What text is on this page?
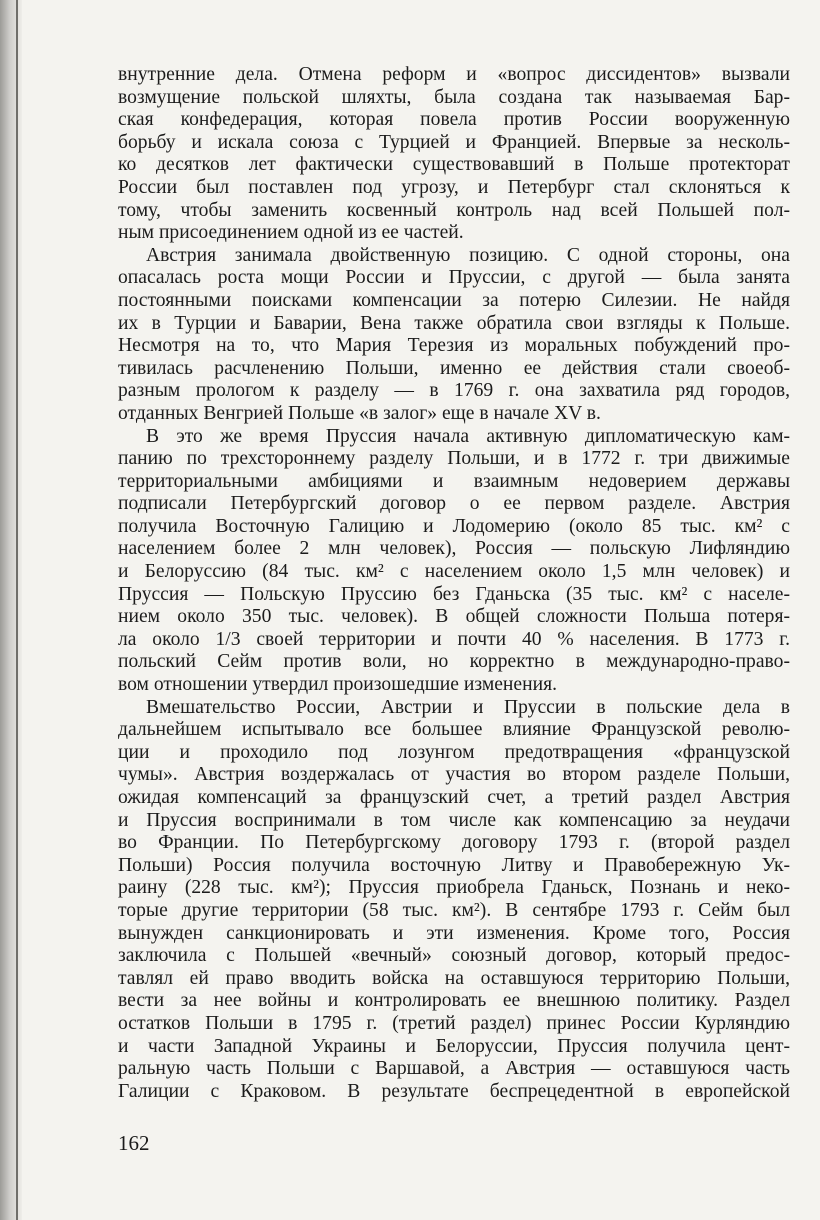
внутренние дела. Отмена реформ и «вопрос диссидентов» вызвали
возмущение польской шляхты, была создана так называемая Бар-
ская конфедерация, которая повела против России вооруженную
борьбу и искала союза с Турцией и Францией. Впервые за несколь-
ко десятков лет фактически существовавший в Польше протекторат
России был поставлен под угрозу, и Петербург стал склоняться к
тому, чтобы заменить косвенный контроль над всей Польшей пол-
ным присоединением одной из ее частей.
Австрия занимала двойственную позицию. С одной стороны, она
опасалась роста мощи России и Пруссии, с другой — была занята
постоянными поисками компенсации за потерю Силезии. Не найдя
их в Турции и Баварии, Вена также обратила свои взгляды к Польше.
Несмотря на то, что Мария Терезия из моральных побуждений про-
тивилась расчленению Польши, именно ее действия стали своеоб-
разным прологом к разделу — в 1769 г. она захватила ряд городов,
отданных Венгрией Польше «в залог» еще в начале XV в.
В это же время Пруссия начала активную дипломатическую кам-
панию по трехстороннему разделу Польши, и в 1772 г. три движимые
территориальными амбициями и взаимным недоверием державы
подписали Петербургский договор о ее первом разделе. Австрия
получила Восточную Галицию и Лодомерию (около 85 тыс. км² с
населением более 2 млн человек), Россия — польскую Лифляндию
и Белоруссию (84 тыс. км² с населением около 1,5 млн человек) и
Пруссия — Польскую Пруссию без Гданьска (35 тыс. км² с населе-
нием около 350 тыс. человек). В общей сложности Польша потеря-
ла около 1/3 своей территории и почти 40 % населения. В 1773 г.
польский Сейм против воли, но корректно в международно-право-
вом отношении утвердил произошедшие изменения.
Вмешательство России, Австрии и Пруссии в польские дела в
дальнейшем испытывало все большее влияние Французской револю-
ции и проходило под лозунгом предотвращения «французской
чумы». Австрия воздержалась от участия во втором разделе Польши,
ожидая компенсаций за французский счет, а третий раздел Австрия
и Пруссия воспринимали в том числе как компенсацию за неудачи
во Франции. По Петербургскому договору 1793 г. (второй раздел
Польши) Россия получила восточную Литву и Правобережную Ук-
раину (228 тыс. км²); Пруссия приобрела Гданьск, Познань и неко-
торые другие территории (58 тыс. км²). В сентябре 1793 г. Сейм был
вынужден санкционировать и эти изменения. Кроме того, Россия
заключила с Польшей «вечный» союзный договор, который предос-
тавлял ей право вводить войска на оставшуюся территорию Польши,
вести за нее войны и контролировать ее внешнюю политику. Раздел
остатков Польши в 1795 г. (третий раздел) принес России Курляндию
и части Западной Украины и Белоруссии, Пруссия получила цент-
ральную часть Польши с Варшавой, а Австрия — оставшуюся часть
Галиции с Краковом. В результате беспрецедентной в европейской
162
